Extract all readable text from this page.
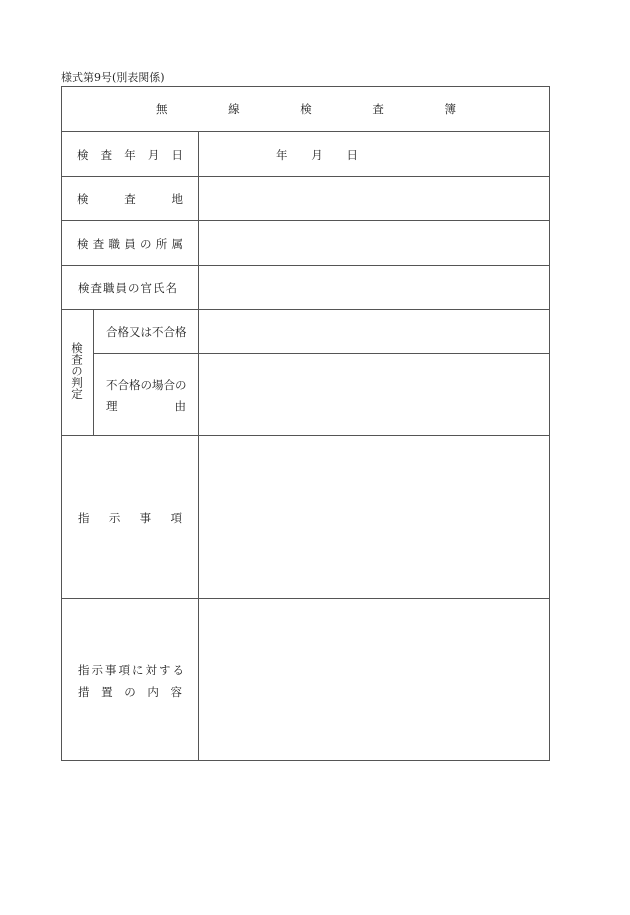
様式第9号(別表関係)
無	線	検	査	簿
検 査 年 月 日	年 月 日
検	査	地
検 査 職 員 の 所 属
検査職員の官氏名
検査の判定
合格又は不合格
不合格の場合の
理	由
指 示 事 項
指示事項に対する
措 置 の 内 容
